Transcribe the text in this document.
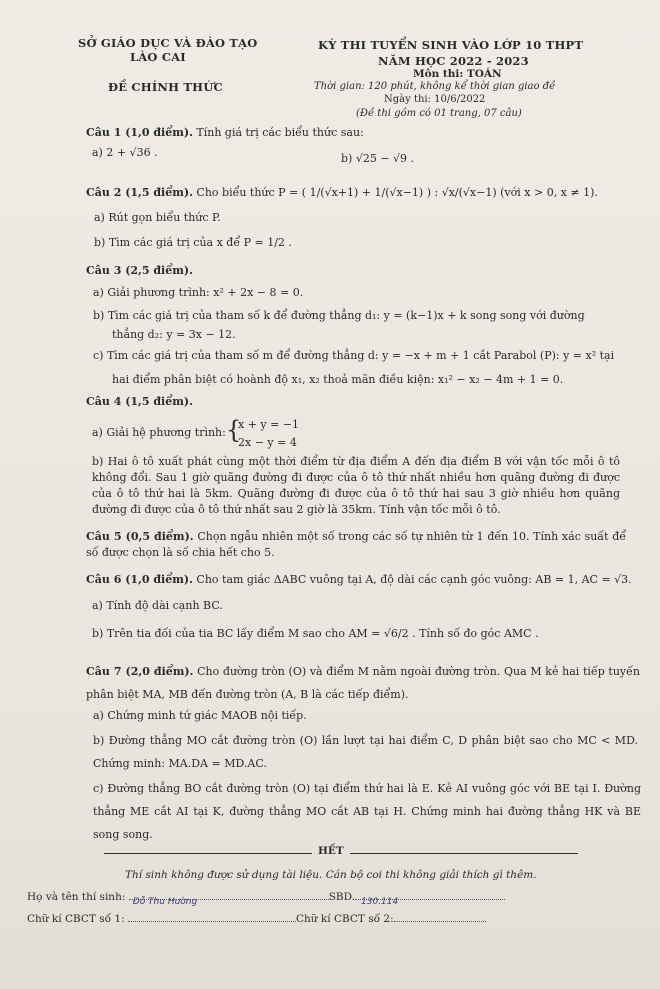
SỞ GIÁO DỤC VÀ ĐÀO TẠO
LÀO CAI
ĐỀ CHÍNH THỨC
KỲ THI TUYỂN SINH VÀO LỚP 10 THPT
NĂM HỌC 2022 - 2023
Môn thi: TOÁN
Thời gian: 120 phút, không kể thời gian giao đề
Ngày thi: 10/6/2022
(Đề thi gồm có 01 trang, 07 câu)
Câu 1 (1,0 điểm). Tính giá trị các biểu thức sau:
a) 2 + √36 .	b) √25 − √9 .
Câu 2 (1,5 điểm). Cho biểu thức P = ( 1/(√x+1) + 1/(√x−1) ) : √x/(√x−1) (với x > 0, x ≠ 1).
a) Rút gọn biểu thức P.
b) Tìm các giá trị của x để P = 1/2 .
Câu 3 (2,5 điểm).
a) Giải phương trình: x² + 2x − 8 = 0.
b) Tìm các giá trị của tham số k để đường thẳng d₁: y = (k−1)x + k song song với đường
thẳng d₂: y = 3x − 12.
c) Tìm các giá trị của tham số m để đường thẳng d: y = −x + m + 1 cắt Parabol (P): y = x² tại
hai điểm phân biệt có hoành độ x₁, x₂ thoả mãn điều kiện: x₁² − x₂ − 4m + 1 = 0.
Câu 4 (1,5 điểm).
a) Giải hệ phương trình: {
x + y = −1
2x − y = 4
b) Hai ô tô xuất phát cùng một thời điểm từ địa điểm A đến địa điểm B với vận tốc mỗi ô tô không đổi. Sau 1 giờ quãng đường đi được của ô tô thứ nhất nhiều hơn quãng đường đi được của ô tô thứ hai là 5km. Quãng đường đi được của ô tô thứ hai sau 3 giờ nhiều hơn quãng đường đi được của ô tô thứ nhất sau 2 giờ là 35km. Tính vận tốc mỗi ô tô.
Câu 5 (0,5 điểm). Chọn ngẫu nhiên một số trong các số tự nhiên từ 1 đến 10. Tính xác suất để số được chọn là số chia hết cho 5.
Câu 6 (1,0 điểm). Cho tam giác ΔABC vuông tại A, độ dài các cạnh góc vuông: AB = 1, AC = √3.
a) Tính độ dài cạnh BC.
b) Trên tia đối của tia BC lấy điểm M sao cho AM = √6/2 . Tính số đo góc AMC .
Câu 7 (2,0 điểm). Cho đường tròn (O) và điểm M nằm ngoài đường tròn. Qua M kẻ hai tiếp tuyến phân biệt MA, MB đến đường tròn (A, B là các tiếp điểm).
a) Chứng minh tứ giác MAOB nội tiếp.
b) Đường thẳng MO cắt đường tròn (O) lần lượt tại hai điểm C, D phân biệt sao cho MC < MD. Chứng minh: MA.DA = MD.AC.
c) Đường thẳng BO cắt đường tròn (O) tại điểm thứ hai là E. Kẻ AI vuông góc với BE tại I. Đường thẳng ME cắt AI tại K, đường thẳng MO cắt AB tại H. Chứng minh hai đường thẳng HK và BE song song.
HẾT
Thí sinh không được sử dụng tài liệu. Cán bộ coi thi không giải thích gì thêm.
Họ và tên thí sinh: Đỗ Thu Hường	SBD. 130.114
Chữ kí CBCT số 1:	Chữ kí CBCT số 2:
